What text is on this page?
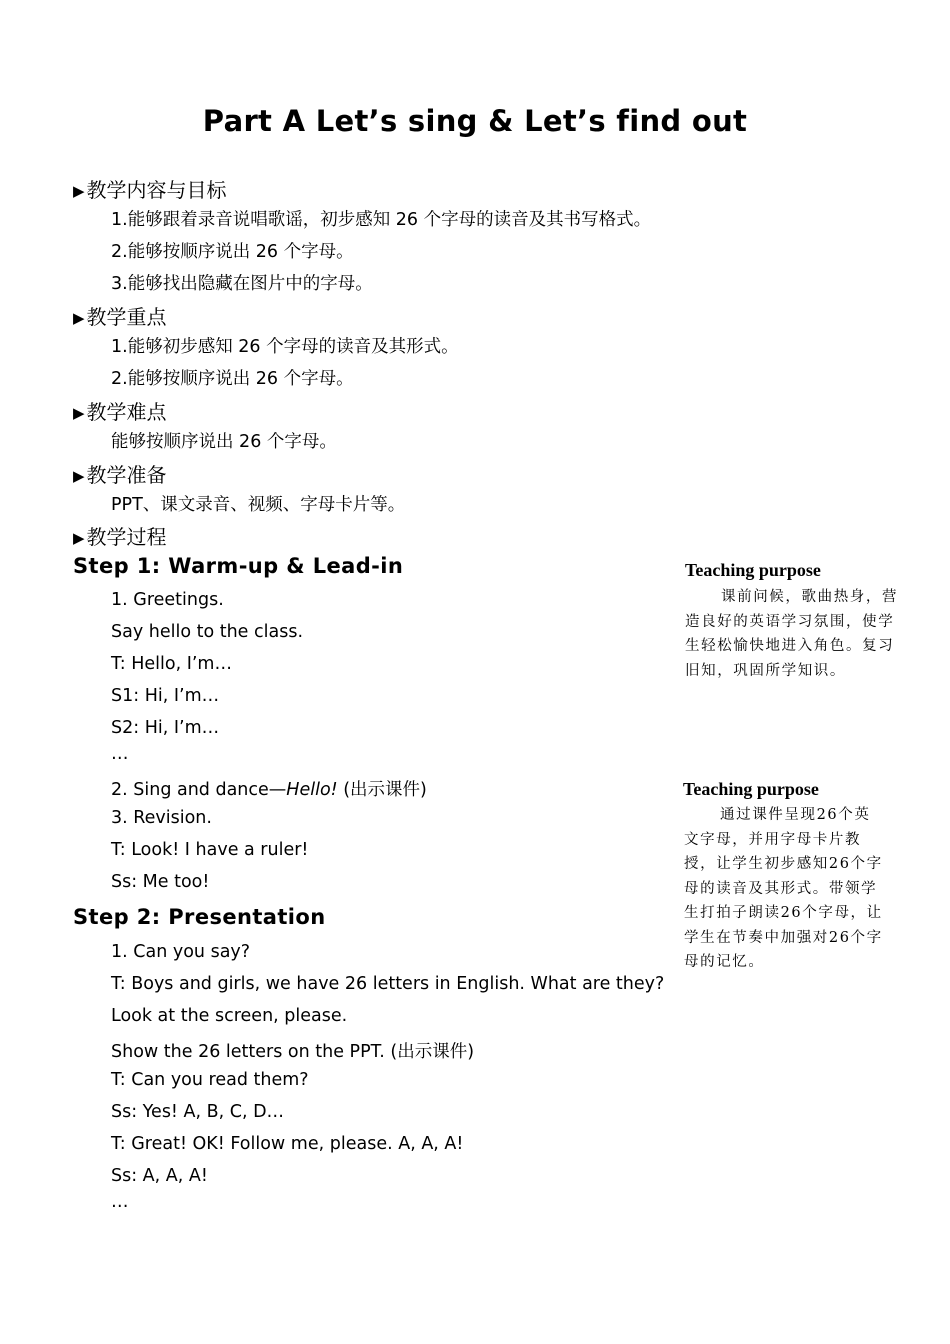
Part A Let’s sing & Let’s find out
▶ 教学内容与目标
1.能够跟着录音说唱歌谣，初步感知 26 个字母的读音及其书写格式。
2.能够按顺序说出 26 个字母。
3.能够找出隐藏在图片中的字母。
▶ 教学重点
1.能够初步感知 26 个字母的读音及其形式。
2.能够按顺序说出 26 个字母。
▶ 教学难点
能够按顺序说出 26 个字母。
▶ 教学准备
PPT、课文录音、视频、字母卡片等。
▶ 教学过程
Step 1: Warm-up & Lead-in
1. Greetings.
Say hello to the class.
T: Hello, I’m…
S1: Hi, I’m…
S2: Hi, I’m…
…
2. Sing and dance—Hello! (出示课件)
3. Revision.
T: Look! I have a ruler!
Ss: Me too!
Step 2: Presentation
1. Can you say?
T: Boys and girls, we have 26 letters in English. What are they?
Look at the screen, please.
Show the 26 letters on the PPT. (出示课件)
T: Can you read them?
Ss: Yes! A, B, C, D…
T: Great! OK! Follow me, please. A, A, A!
Ss: A, A, A!
…
Teaching purpose
课前问候，歌曲热身，营造良好的英语学习氛围，使学生轻松愉快地进入角色。复习旧知，巩固所学知识。
Teaching purpose
通过课件呈现26个英文字母，并用字母卡片教授，让学生初步感知26个字母的读音及其形式。带领学生打拍子朗读26个字母，让学生在节奏中加强对26个字母的记忆。
